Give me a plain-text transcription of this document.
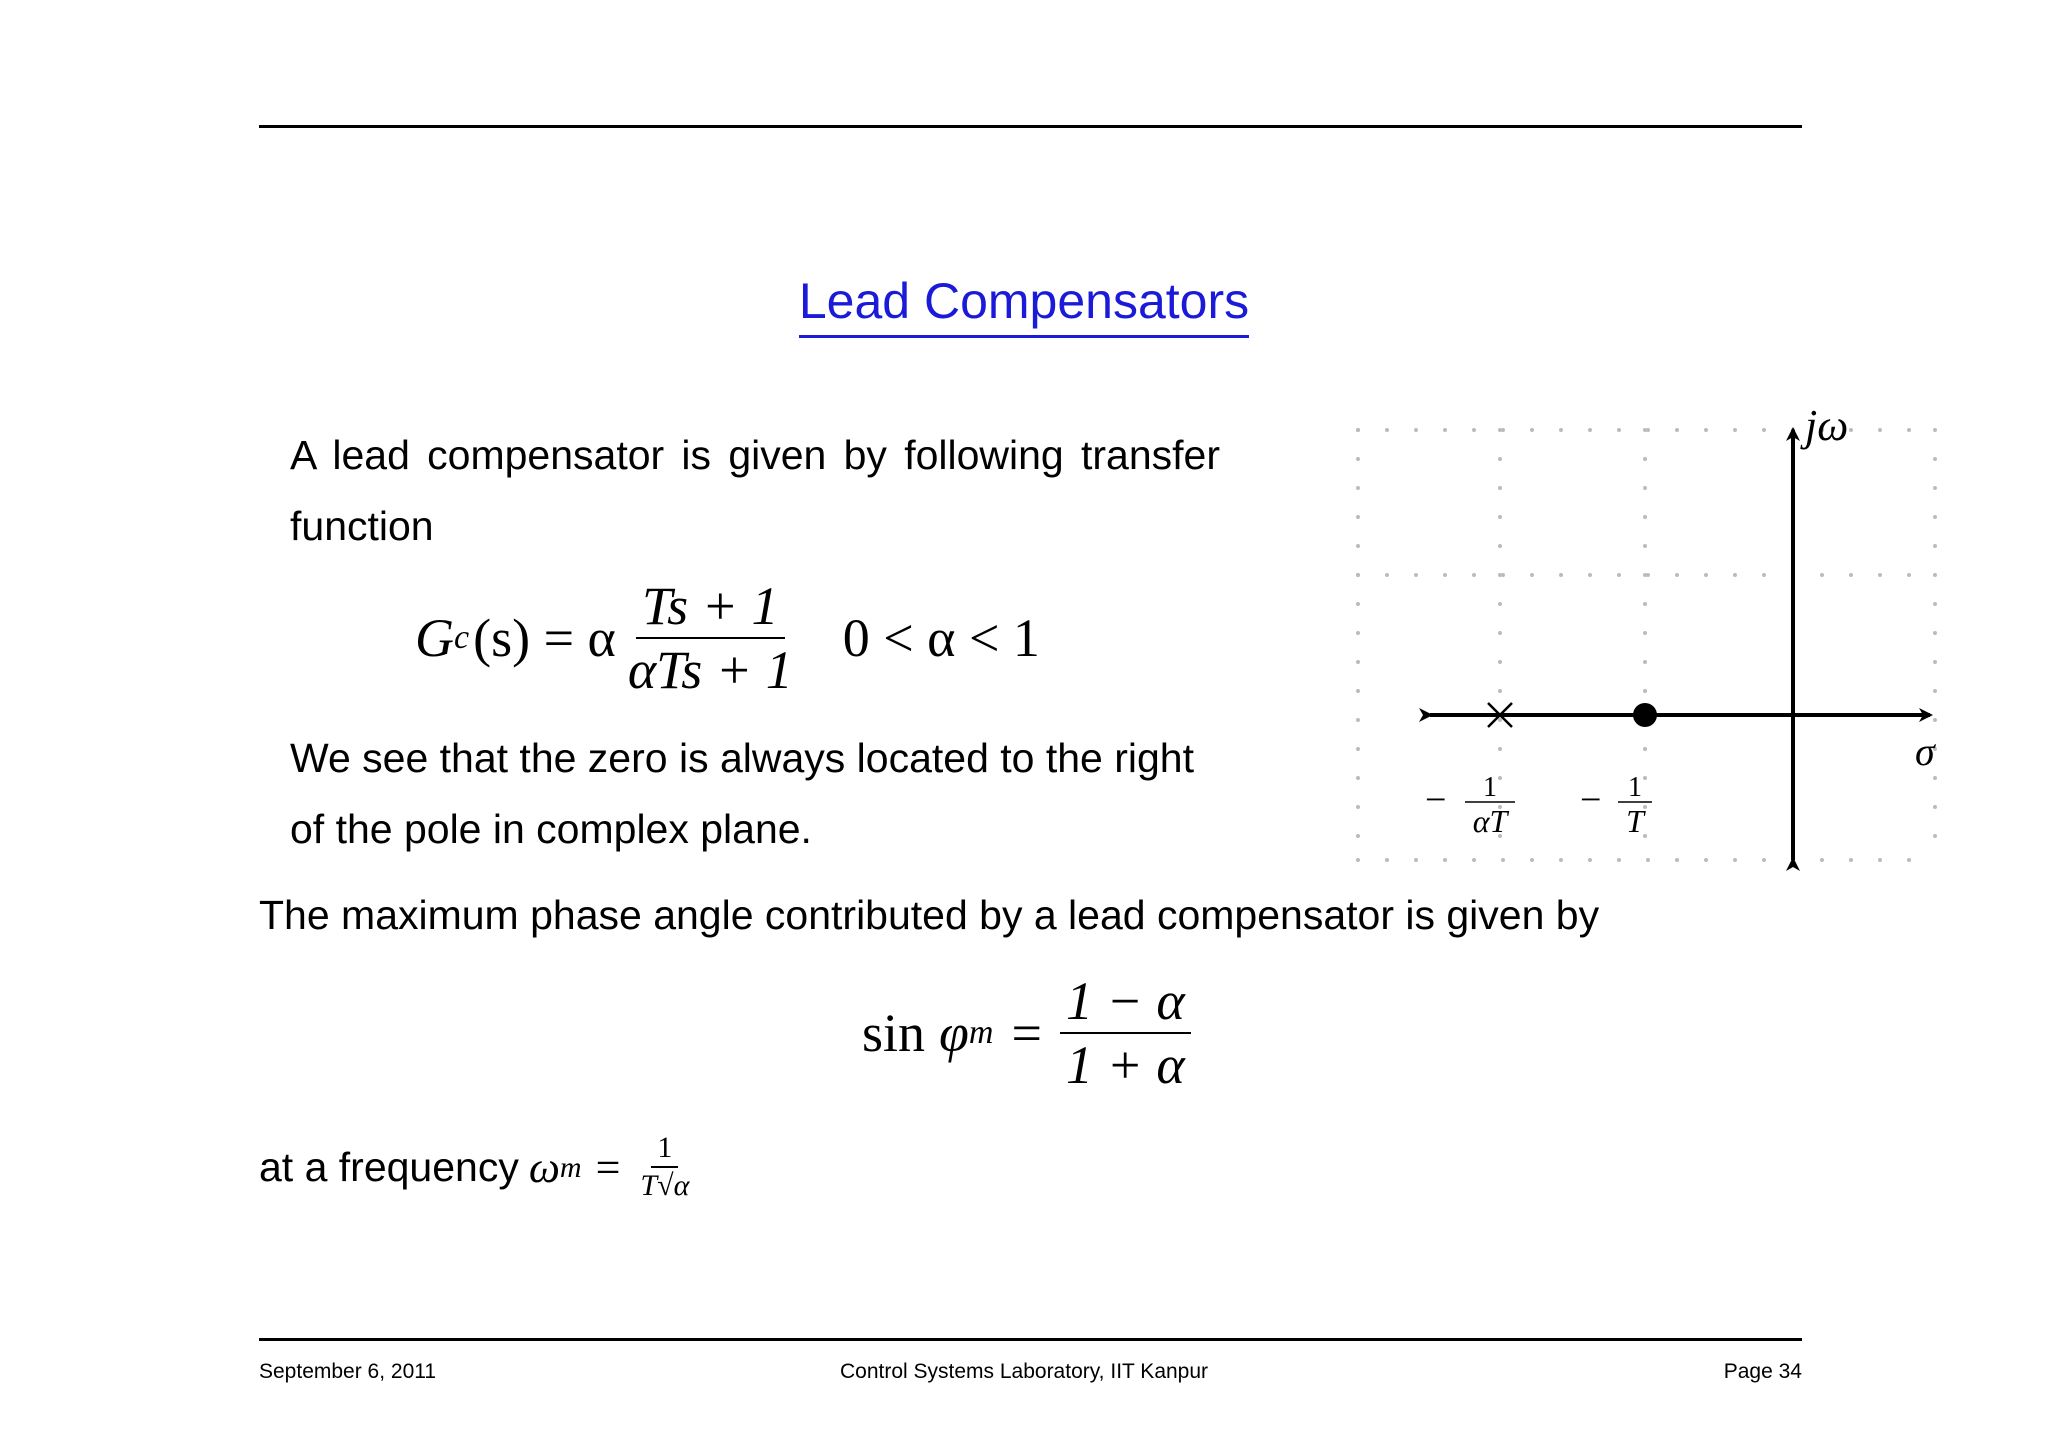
Lead Compensators
A lead compensator is given by following transfer function
G c (s) = α $\frac{Ts + 1}{\text{αTs + 1}} 0 < \alpha < 1$
We see that the zero is always located to the right of the pole in complex plane.
jω
σ
− 1
αT − 1
T
The maximum phase angle contributed by a lead compensator is given by
sin φ $m = \frac{1 - \alpha}{1 + \alpha}$
at a frequency ω $m = \frac{1}{T√\alpha}$
September 6, 2011	Control Systems Laboratory, IIT Kanpur	Page 34
